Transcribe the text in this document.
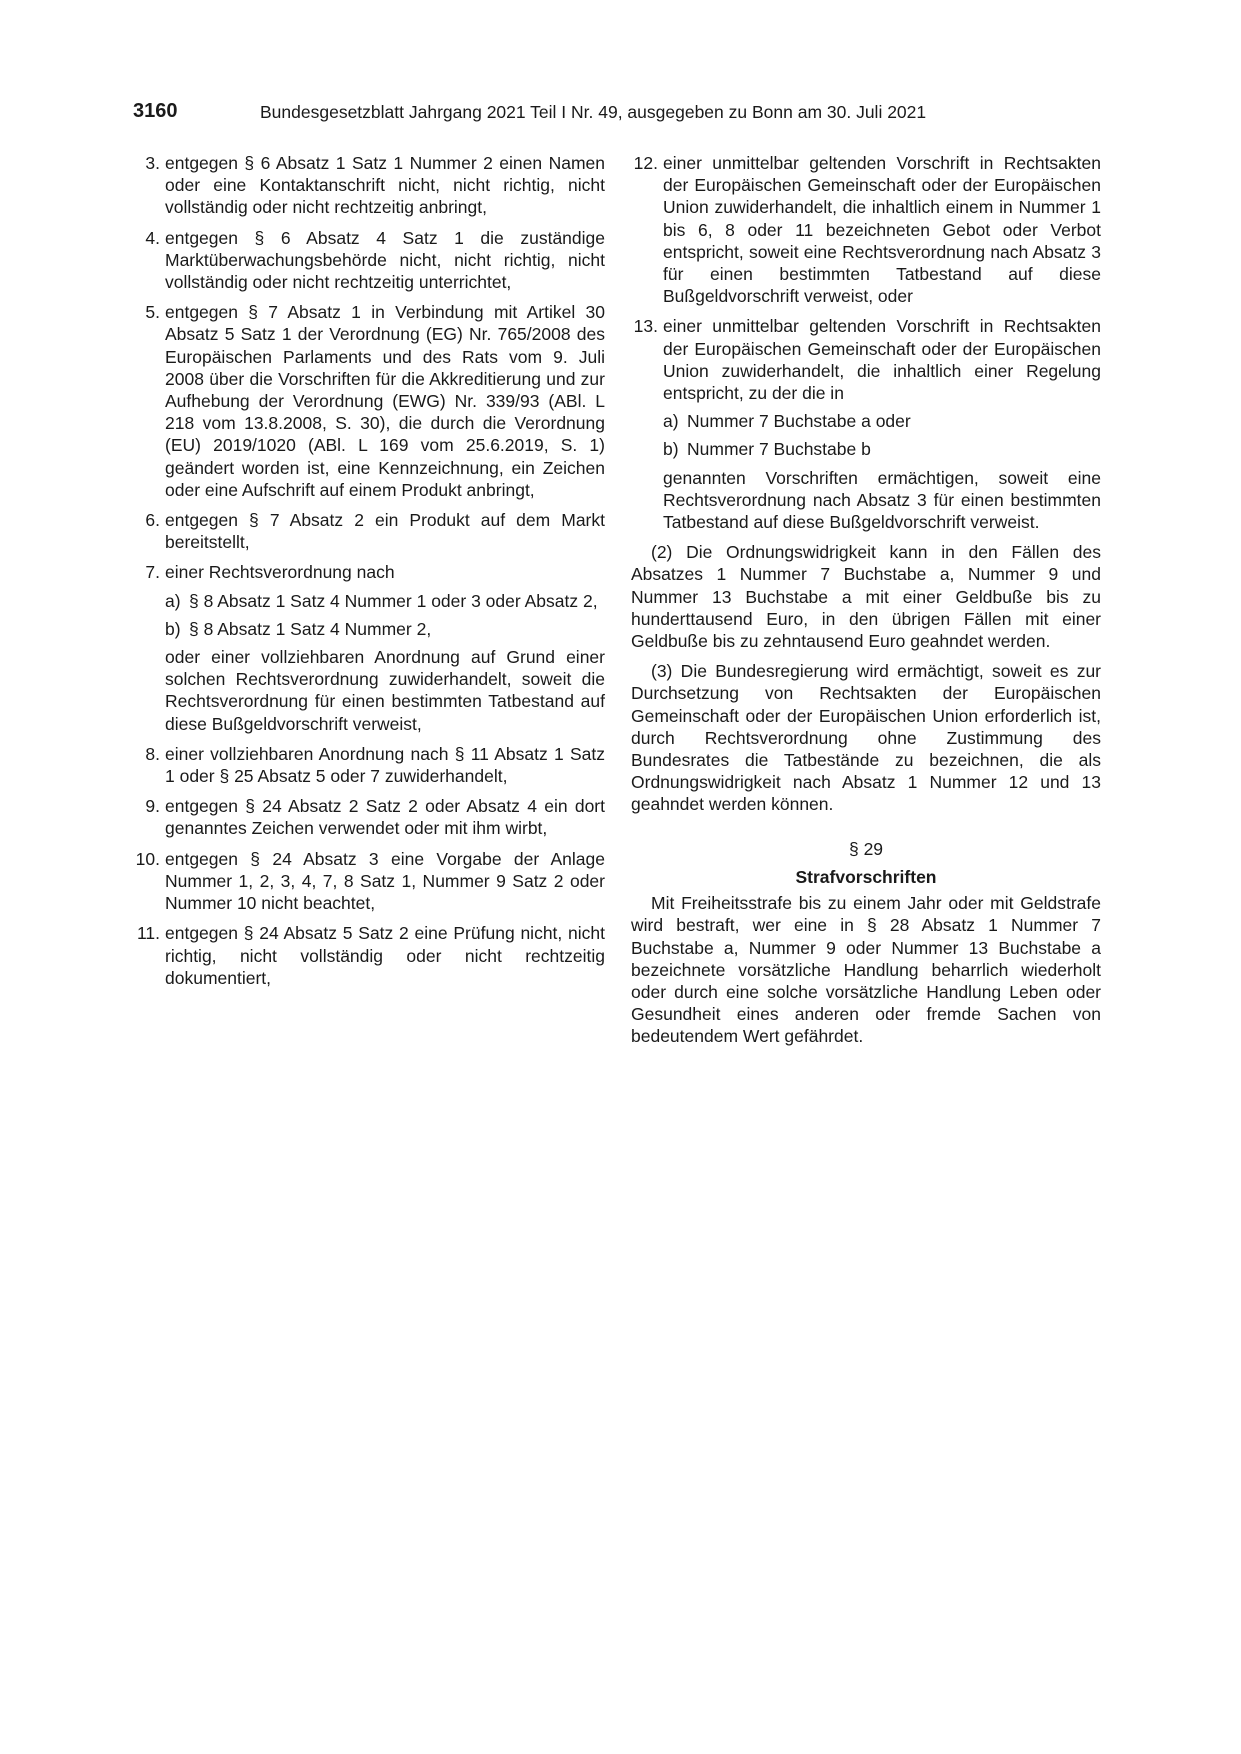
3160	Bundesgesetzblatt Jahrgang 2021 Teil I Nr. 49, ausgegeben zu Bonn am 30. Juli 2021
3. entgegen § 6 Absatz 1 Satz 1 Nummer 2 einen Namen oder eine Kontaktanschrift nicht, nicht richtig, nicht vollständig oder nicht rechtzeitig anbringt,
4. entgegen § 6 Absatz 4 Satz 1 die zuständige Marktüberwachungsbehörde nicht, nicht richtig, nicht vollständig oder nicht rechtzeitig unterrichtet,
5. entgegen § 7 Absatz 1 in Verbindung mit Artikel 30 Absatz 5 Satz 1 der Verordnung (EG) Nr. 765/2008 des Europäischen Parlaments und des Rats vom 9. Juli 2008 über die Vorschriften für die Akkreditierung und zur Aufhebung der Verordnung (EWG) Nr. 339/93 (ABl. L 218 vom 13.8.2008, S. 30), die durch die Verordnung (EU) 2019/1020 (ABl. L 169 vom 25.6.2019, S. 1) geändert worden ist, eine Kennzeichnung, ein Zeichen oder eine Aufschrift auf einem Produkt anbringt,
6. entgegen § 7 Absatz 2 ein Produkt auf dem Markt bereitstellt,
7. einer Rechtsverordnung nach
a) § 8 Absatz 1 Satz 4 Nummer 1 oder 3 oder Absatz 2,
b) § 8 Absatz 1 Satz 4 Nummer 2,
oder einer vollziehbaren Anordnung auf Grund einer solchen Rechtsverordnung zuwiderhandelt, soweit die Rechtsverordnung für einen bestimmten Tatbestand auf diese Bußgeldvorschrift verweist,
8. einer vollziehbaren Anordnung nach § 11 Absatz 1 Satz 1 oder § 25 Absatz 5 oder 7 zuwiderhandelt,
9. entgegen § 24 Absatz 2 Satz 2 oder Absatz 4 ein dort genanntes Zeichen verwendet oder mit ihm wirbt,
10. entgegen § 24 Absatz 3 eine Vorgabe der Anlage Nummer 1, 2, 3, 4, 7, 8 Satz 1, Nummer 9 Satz 2 oder Nummer 10 nicht beachtet,
11. entgegen § 24 Absatz 5 Satz 2 eine Prüfung nicht, nicht richtig, nicht vollständig oder nicht rechtzeitig dokumentiert,
12. einer unmittelbar geltenden Vorschrift in Rechtsakten der Europäischen Gemeinschaft oder der Europäischen Union zuwiderhandelt, die inhaltlich einem in Nummer 1 bis 6, 8 oder 11 bezeichneten Gebot oder Verbot entspricht, soweit eine Rechtsverordnung nach Absatz 3 für einen bestimmten Tatbestand auf diese Bußgeldvorschrift verweist, oder
13. einer unmittelbar geltenden Vorschrift in Rechtsakten der Europäischen Gemeinschaft oder der Europäischen Union zuwiderhandelt, die inhaltlich einer Regelung entspricht, zu der die in
a) Nummer 7 Buchstabe a oder
b) Nummer 7 Buchstabe b
genannten Vorschriften ermächtigen, soweit eine Rechtsverordnung nach Absatz 3 für einen bestimmten Tatbestand auf diese Bußgeldvorschrift verweist.

(2) Die Ordnungswidrigkeit kann in den Fällen des Absatzes 1 Nummer 7 Buchstabe a, Nummer 9 und Nummer 13 Buchstabe a mit einer Geldbuße bis zu hunderttausend Euro, in den übrigen Fällen mit einer Geldbuße bis zu zehntausend Euro geahndet werden.

(3) Die Bundesregierung wird ermächtigt, soweit es zur Durchsetzung von Rechtsakten der Europäischen Gemeinschaft oder der Europäischen Union erforderlich ist, durch Rechtsverordnung ohne Zustimmung des Bundesrates die Tatbestände zu bezeichnen, die als Ordnungswidrigkeit nach Absatz 1 Nummer 12 und 13 geahndet werden können.

§ 29
Strafvorschriften

Mit Freiheitsstrafe bis zu einem Jahr oder mit Geldstrafe wird bestraft, wer eine in § 28 Absatz 1 Nummer 7 Buchstabe a, Nummer 9 oder Nummer 13 Buchstabe a bezeichnete vorsätzliche Handlung beharrlich wiederholt oder durch eine solche vorsätzliche Handlung Leben oder Gesundheit eines anderen oder fremde Sachen von bedeutendem Wert gefährdet.
